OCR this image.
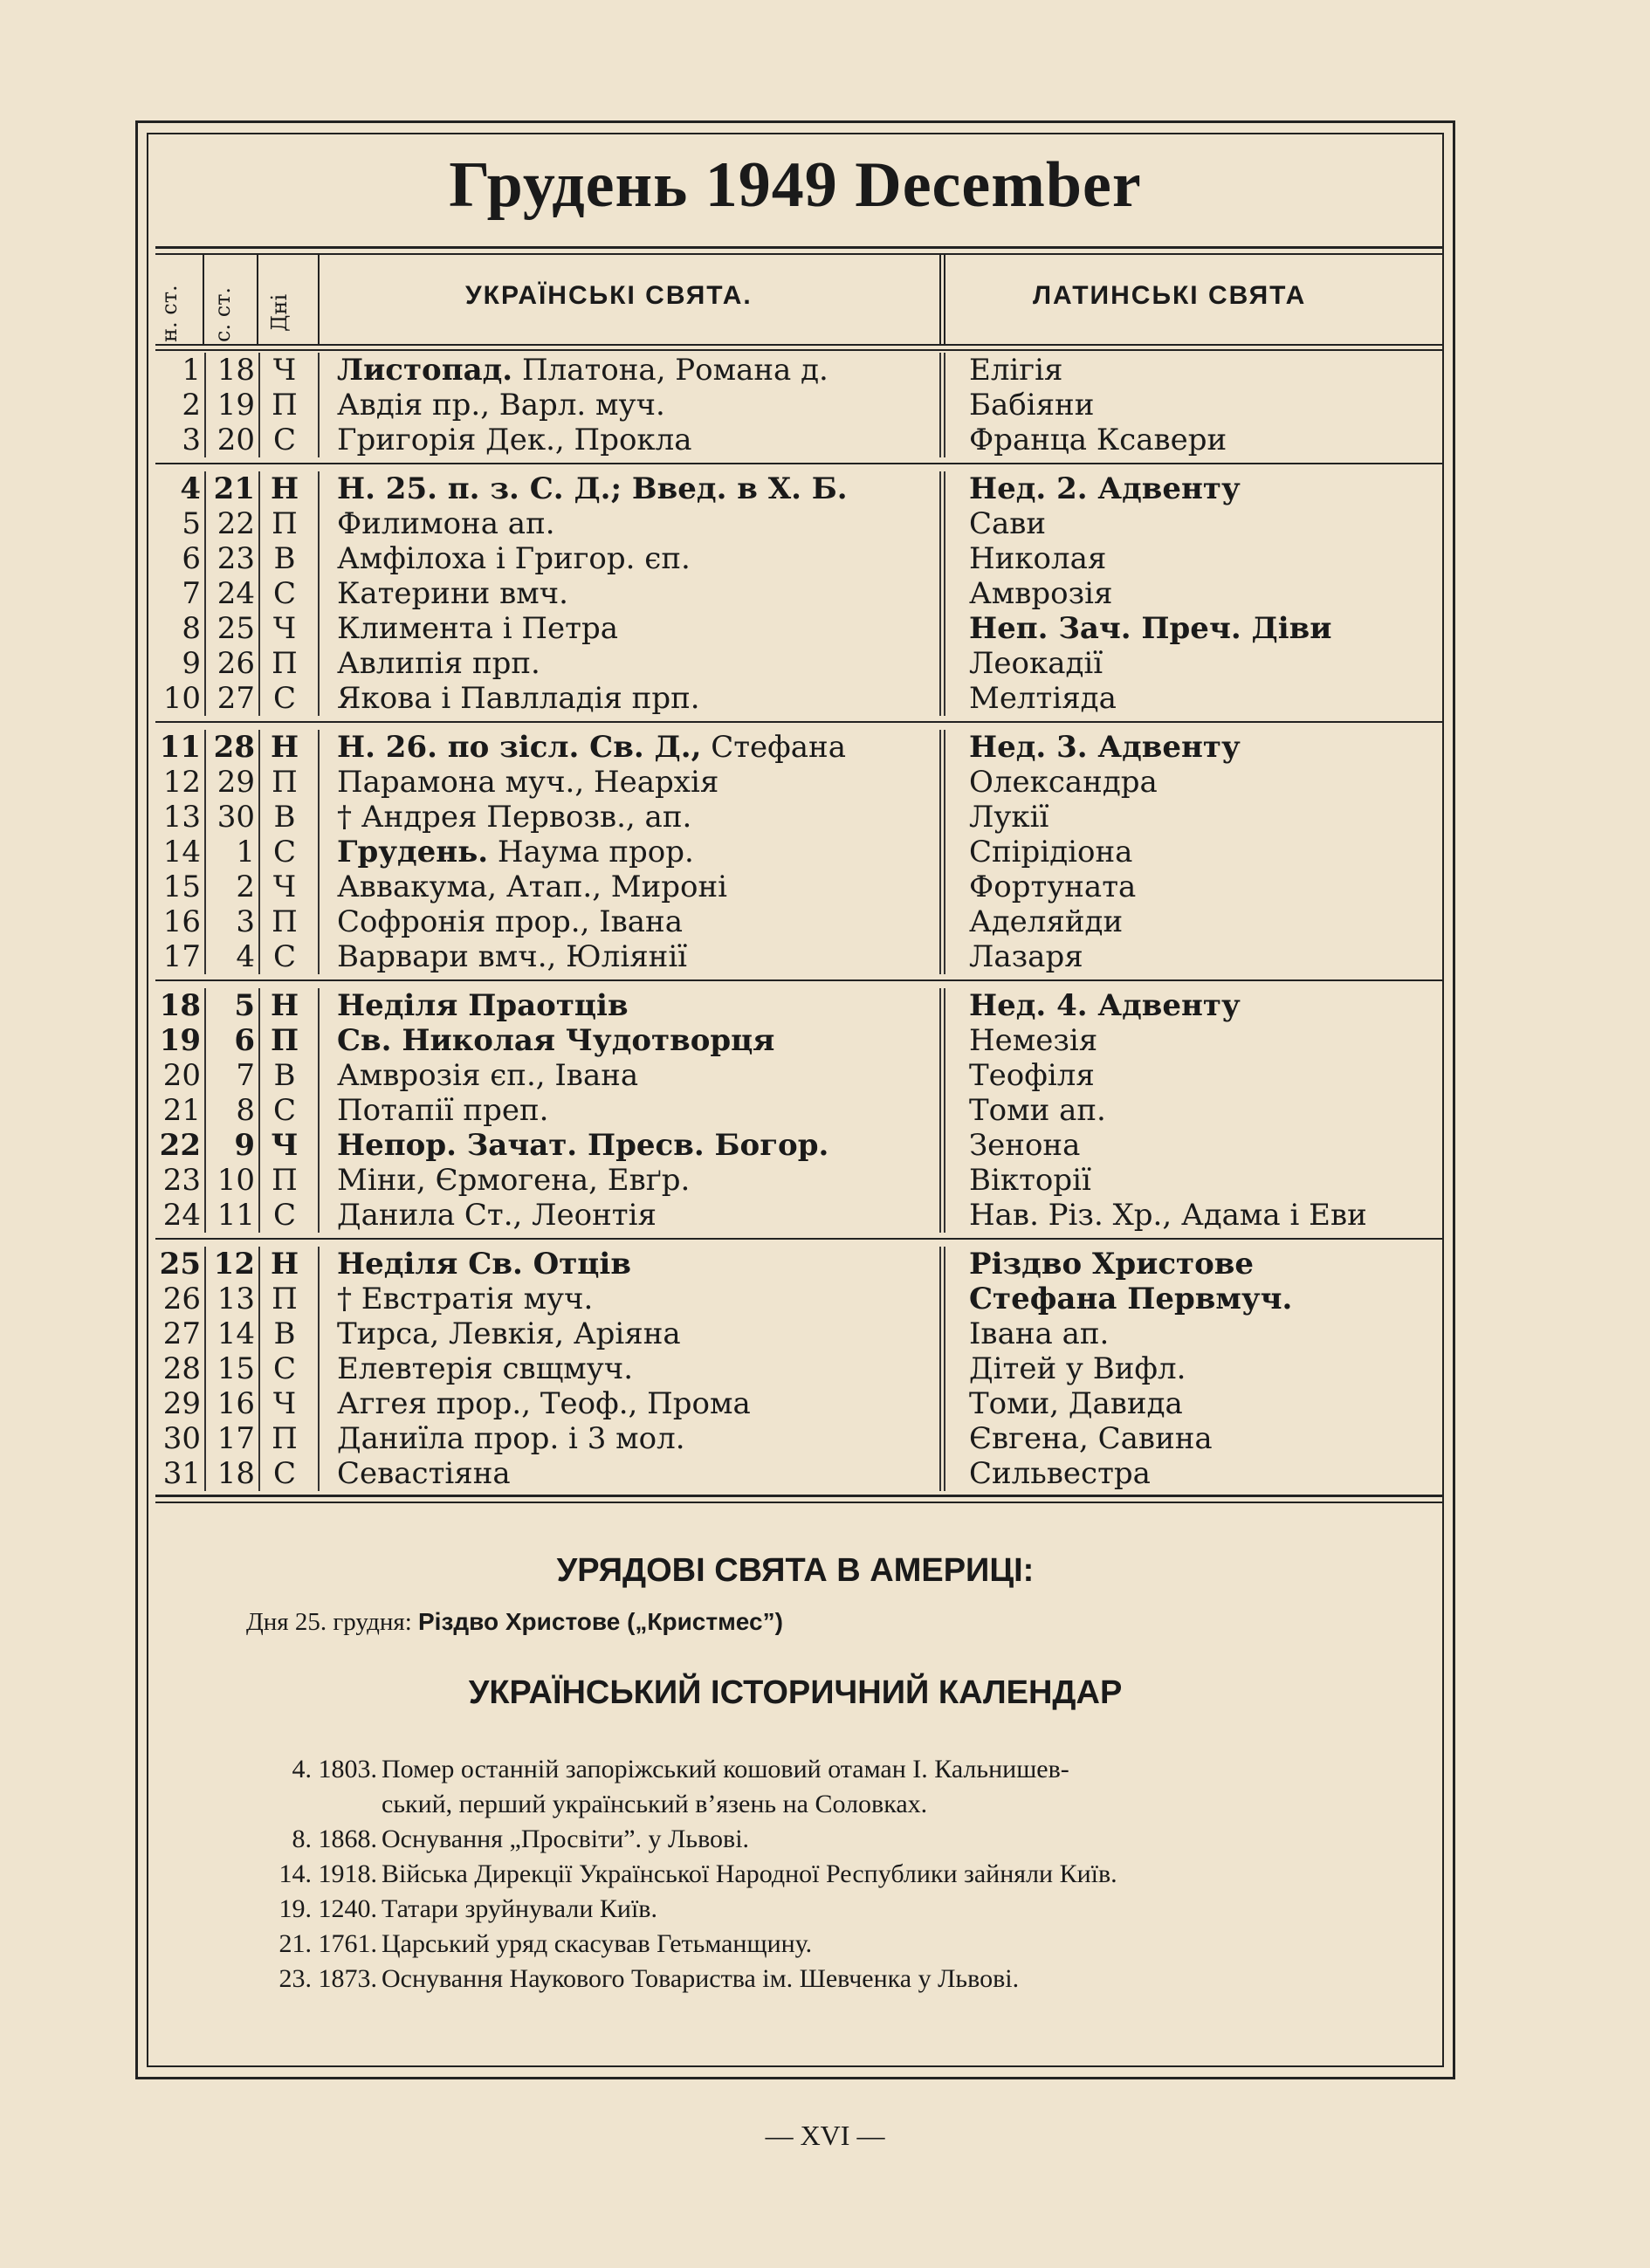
Грудень 1949 December
н. ст. с. ст. Дні	УКРАЇНСЬКІ СВЯТА.	ЛАТИНСЬКІ СВЯТА
1 18 Ч Листопад. Платона, Романа д.	Елігія
2 19 П Авдія пр., Варл. муч.	Бабіяни
3 20 С Григорія Дек., Прокла	Франца Ксавери
4 21 Н Н. 25. п. з. С. Д.; Введ. в Х. Б.	Нед. 2. Адвенту
5 22 П Филимона ап.	Сави
6 23 В Амфілоха і Григор. єп.	Николая
7 24 С Катерини вмч.	Амврозія
8 25 Ч Климента і Петра	Неп. Зач. Преч. Діви
9 26 П Авлипія прп.	Леокадії
10 27 С Якова і Павлладія прп.	Мелтіяда
11 28 Н Н. 26. по зісл. Св. Д., Стефана	Нед. 3. Адвенту
12 29 П Парамона муч., Неархія	Олександра
13 30 В † Андрея Первозв., ап.	Лукії
14	1 С Грудень. Наума прор.	Спірідіона
15	2 Ч Аввакума, Атап., Мироні	Фортуната
16	3 П Софронія прор., Івана	Аделяйди
17	4 С Варвари вмч., Юліянії	Лазаря
18	5 Н Неділя Праотців	Нед. 4. Адвенту
19	6 П Св. Николая Чудотворця	Немезія
20	7 В Амврозія єп., Івана	Теофіля
21	8 С Потапії преп.	Томи ап.
22	9 Ч Непор. Зачат. Пресв. Богор.	Зенона
23 10 П Міни, Єрмогена, Евґр.	Вікторії
24 11 С Данила Ст., Леонтія	Нав. Різ. Хр., Адама і Еви
25 12 Н Неділя Св. Отців	Різдво Христове
26 13 П † Евстратія муч.	Стефана Первмуч.
27 14 В Тирса, Левкія, Аріяна	Івана ап.
28 15 С Елевтерія свщмуч.	Дітей у Вифл.
29 16 Ч Аггея прор., Теоф., Прома	Томи, Давида
30 17 П Даниїла прор. і 3 мол.	Євгена, Савина
31 18 С Севастіяна	Сильвестра
УРЯДОВІ СВЯТА В АМЕРИЦІ:
Дня 25. грудня: Різдво Христове („Кристмес”)
УКРАЇНСЬКИЙ ІСТОРИЧНИЙ КАЛЕНДАР
4. 1803. Помер останній запоріжський кошовий отаман І. Кальнишев-
ський, перший український в’язень на Соловках.
8. 1868. Оснування „Просвіти”. у Львові.
14. 1918. Війська Дирекції Української Народної Республики зайняли Київ.
19. 1240. Татари зруйнували Київ.
21. 1761. Царський уряд скасував Гетьманщину.
23. 1873. Оснування Наукового Товариства ім. Шевченка у Львові.
— XVI —
